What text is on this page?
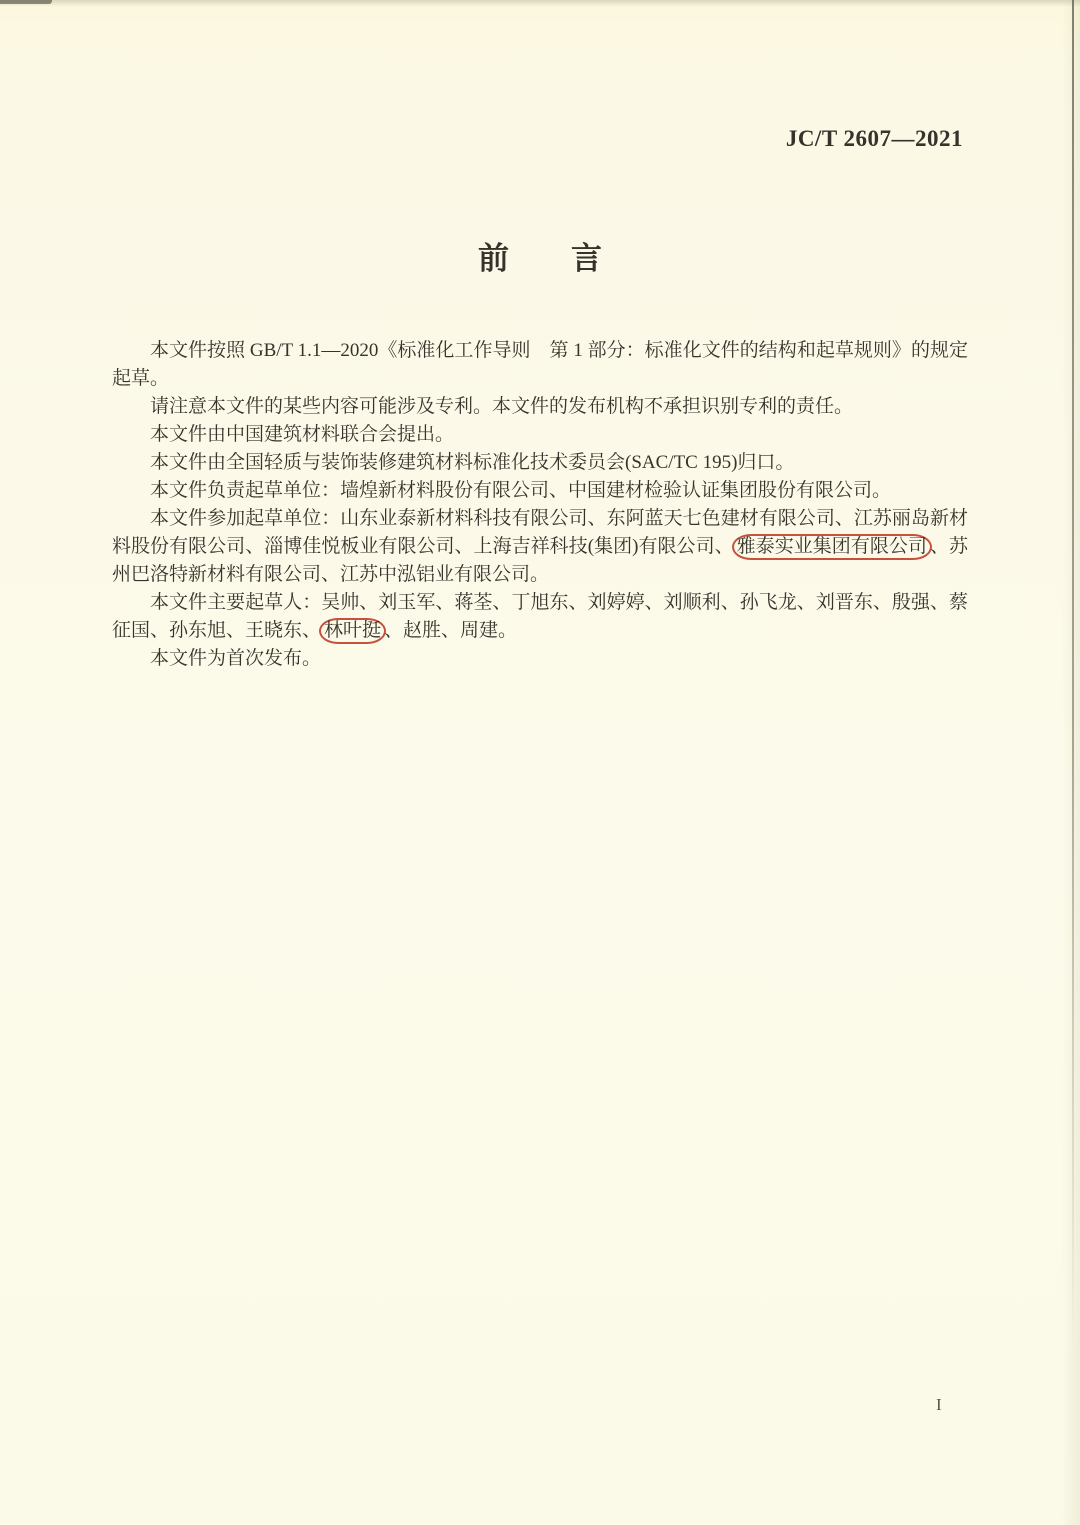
JC/T 2607—2021
前　　言

本文件按照 GB/T 1.1—2020《标准化工作导则　第 1 部分：标准化文件的结构和起草规则》的规定起草。

请注意本文件的某些内容可能涉及专利。本文件的发布机构不承担识别专利的责任。

本文件由中国建筑材料联合会提出。

本文件由全国轻质与装饰装修建筑材料标准化技术委员会(SAC/TC 195)归口。

本文件负责起草单位：墙煌新材料股份有限公司、中国建材检验认证集团股份有限公司。

本文件参加起草单位：山东业泰新材料科技有限公司、东阿蓝天七色建材有限公司、江苏丽岛新材料股份有限公司、淄博佳悦板业有限公司、上海吉祥科技(集团)有限公司、 雅泰实业集团有限公司 、苏州巴洛特新材料有限公司、江苏中泓铝业有限公司。

本文件主要起草人：吴帅、刘玉军、蒋荃、丁旭东、刘婷婷、刘顺利、孙飞龙、刘晋东、殷强、蔡征国、孙东旭、王晓东、 林叶挺 、赵胜、周建。

本文件为首次发布。

I
